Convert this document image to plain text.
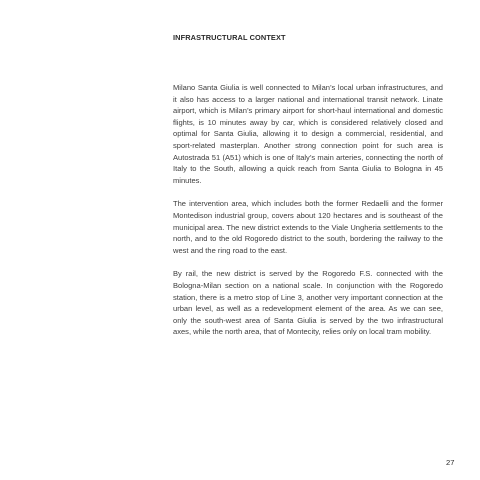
INFRASTRUCTURAL CONTEXT

Milano Santa Giulia is well connected to Milan’s local urban infrastructures, and it also has access to a larger national and international transit network. Linate airport, which is Milan’s primary airport for short-haul international and domestic flights, is 10 minutes away by car, which is considered relatively closed and optimal for Santa Giulia, allowing it to design a commercial, residential, and sport-related masterplan. Another strong connection point for such area is Autostrada 51 (A51) which is one of Italy’s main arteries, connecting the north of Italy to the South, allowing a quick reach from Santa Giulia to Bologna in 45 minutes.

The intervention area, which includes both the former Redaelli and the former Montedison industrial group, covers about 120 hectares and is southeast of the municipal area. The new district extends to the Viale Ungheria settlements to the north, and to the old Rogoredo district to the south, bordering the railway to the west and the ring road to the east.

By rail, the new district is served by the Rogoredo F.S. connected with the Bologna-Milan section on a national scale. In conjunction with the Rogoredo station, there is a metro stop of Line 3, another very important connection at the urban level, as well as a redevelopment element of the area. As we can see, only the south-west area of Santa Giulia is served by the two infrastructural axes, while the north area, that of Montecity, relies only on local tram mobility.

27
